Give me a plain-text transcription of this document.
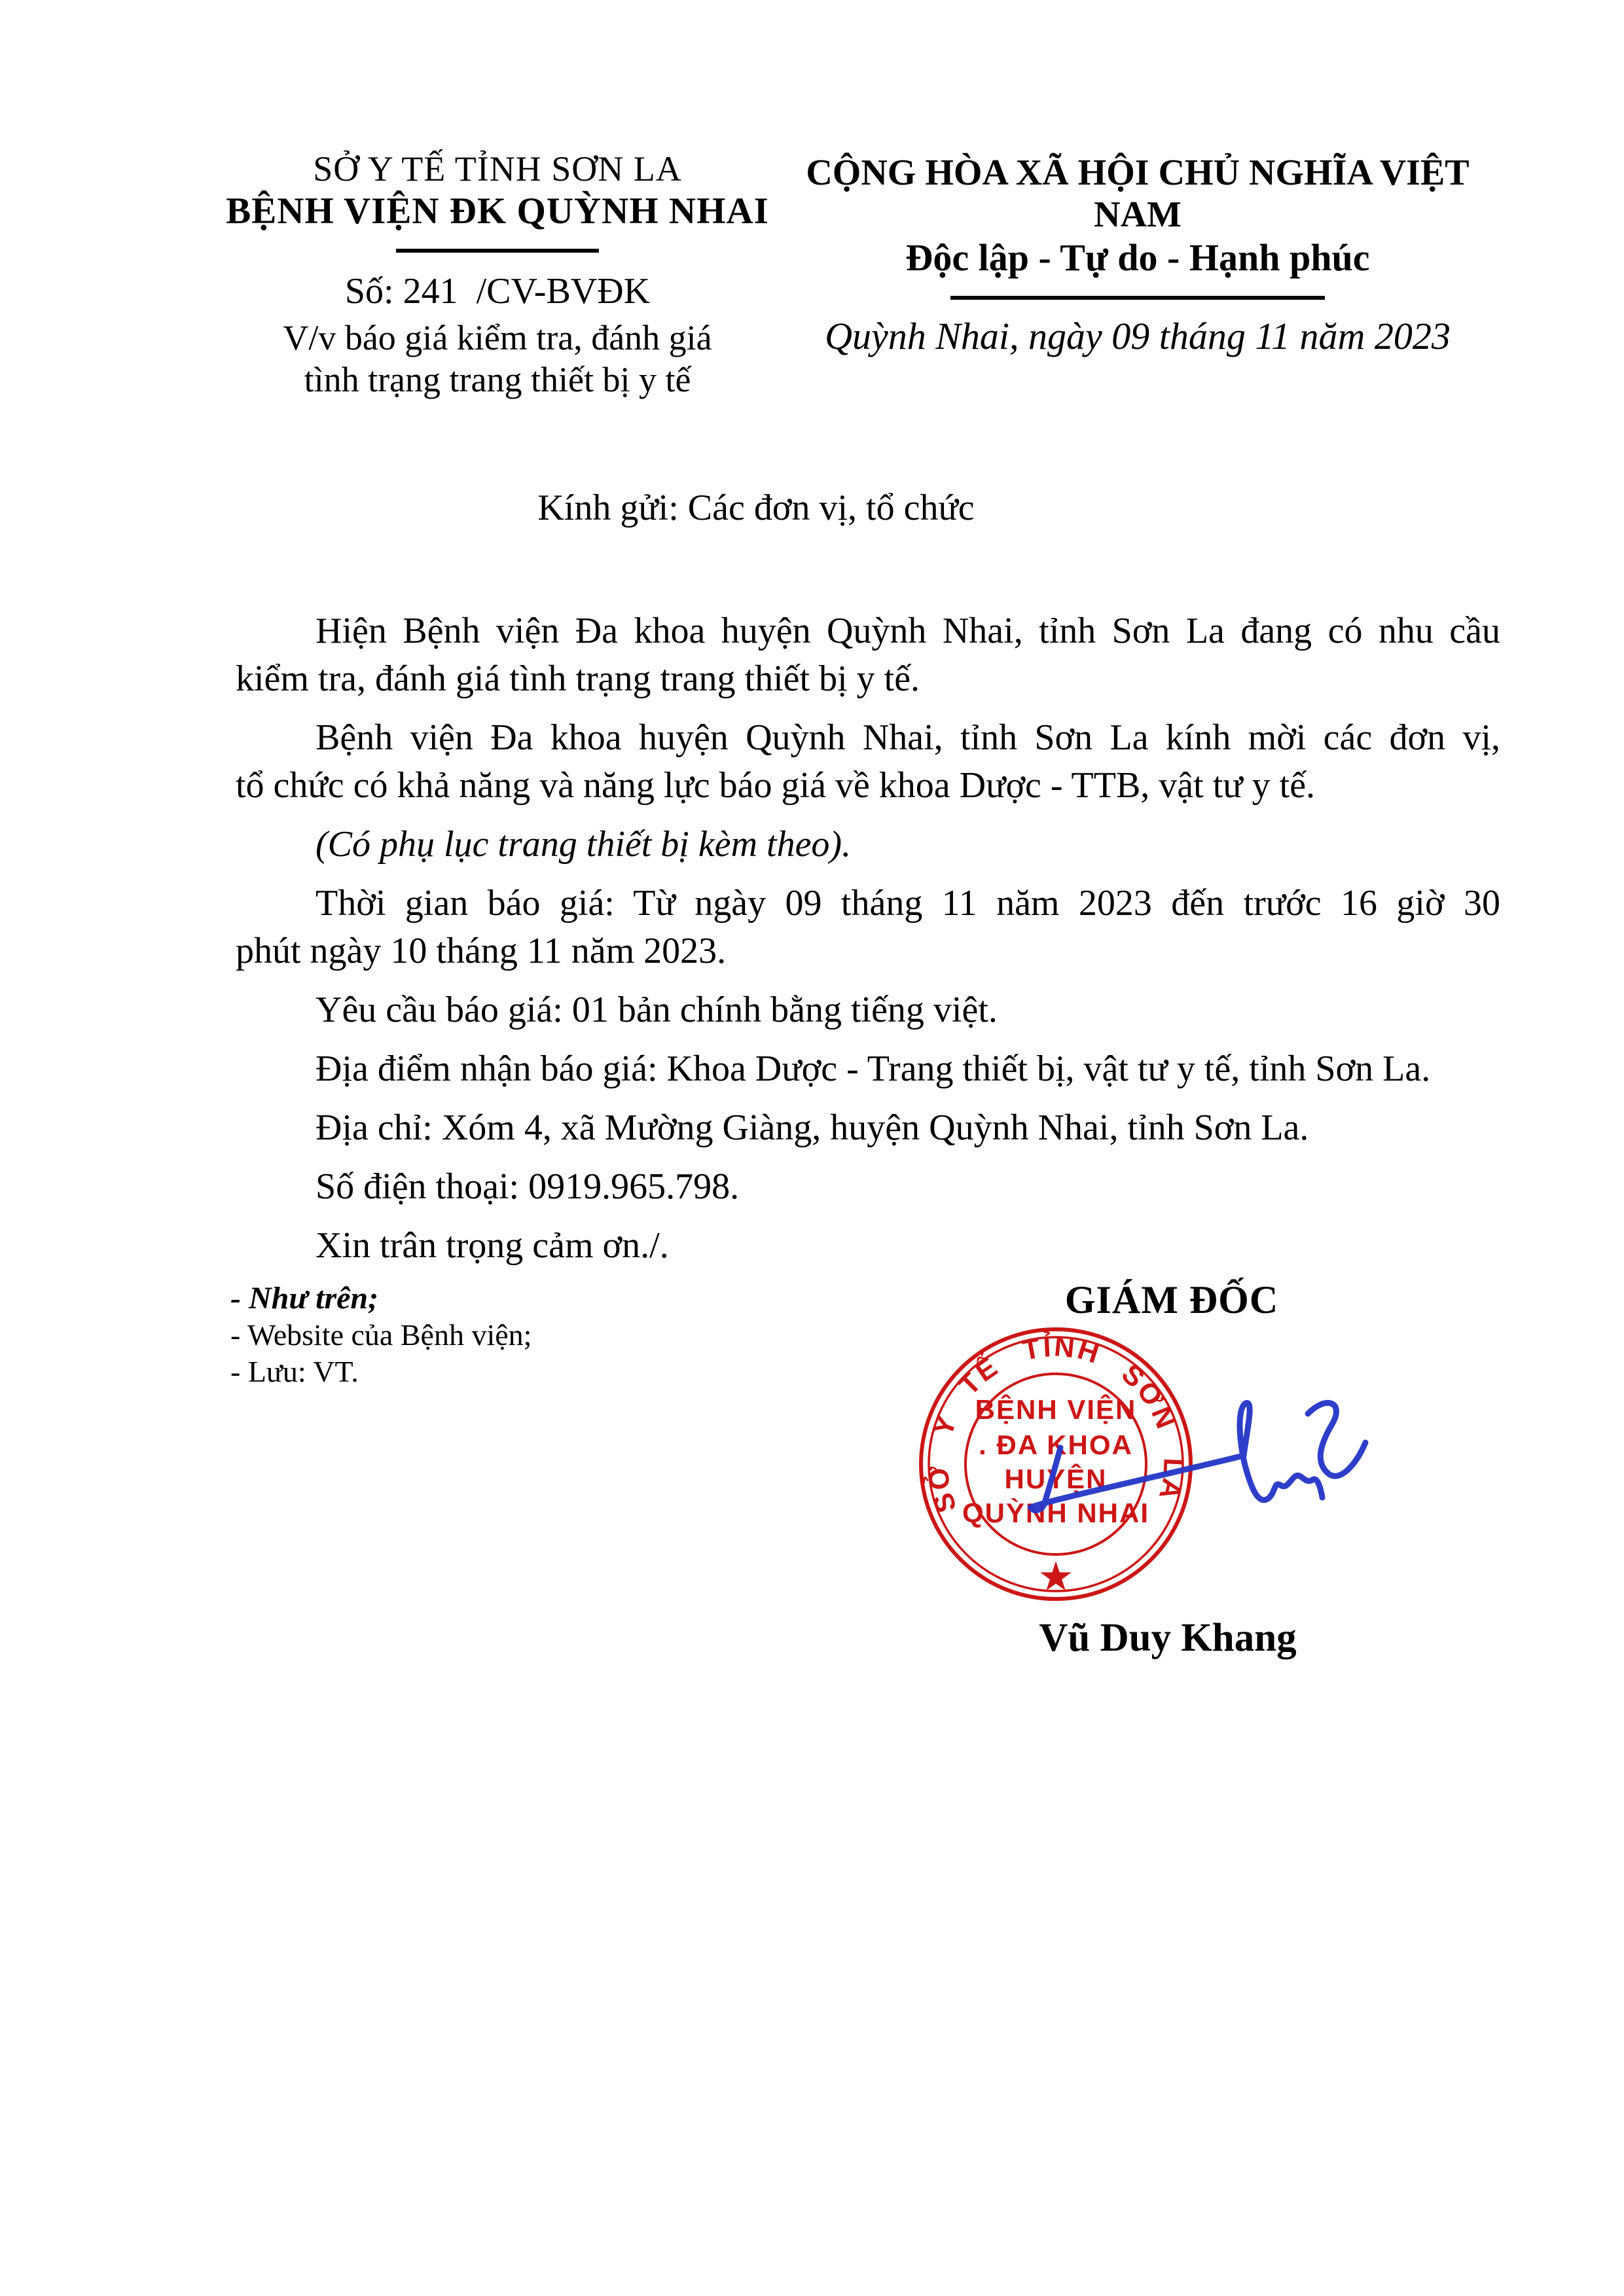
SỞ Y TẾ TỈNH SƠN LA
BỆNH VIỆN ĐK QUỲNH NHAI
Số: 241  /CV-BVĐK
V/v báo giá kiểm tra, đánh giá
tình trạng trang thiết bị y tế
CỘNG HÒA XÃ HỘI CHỦ NGHĨA VIỆT NAM
Độc lập - Tự do - Hạnh phúc
Quỳnh Nhai, ngày 09 tháng 11 năm 2023
Kính gửi: Các đơn vị, tổ chức
Hiện Bệnh viện Đa khoa huyện Quỳnh Nhai, tỉnh Sơn La đang có nhu cầu
kiểm tra, đánh giá tình trạng trang thiết bị y tế.
Bệnh viện Đa khoa huyện Quỳnh Nhai, tỉnh Sơn La kính mời các đơn vị,
tổ chức có khả năng và năng lực báo giá về khoa Dược - TTB, vật tư y tế.
(Có phụ lục trang thiết bị kèm theo).
Thời gian báo giá: Từ ngày 09 tháng 11 năm 2023 đến trước 16 giờ 30
phút ngày 10 tháng 11 năm 2023.
Yêu cầu báo giá: 01 bản chính bằng tiếng việt.
Địa điểm nhận báo giá: Khoa Dược - Trang thiết bị, vật tư y tế, tỉnh Sơn La.
Địa chỉ: Xóm 4, xã Mường Giàng, huyện Quỳnh Nhai, tỉnh Sơn La.
Số điện thoại: 0919.965.798.
Xin trân trọng cảm ơn./.
- Như trên;
- Website của Bệnh viện;
- Lưu: VT.
GIÁM ĐỐC
SỞ Y TẾ TỈNH SƠN LA
BỆNH VIỆN
. ĐA KHOA
HUYỆN
QUỲNH NHAI
★
Vũ Duy Khang
